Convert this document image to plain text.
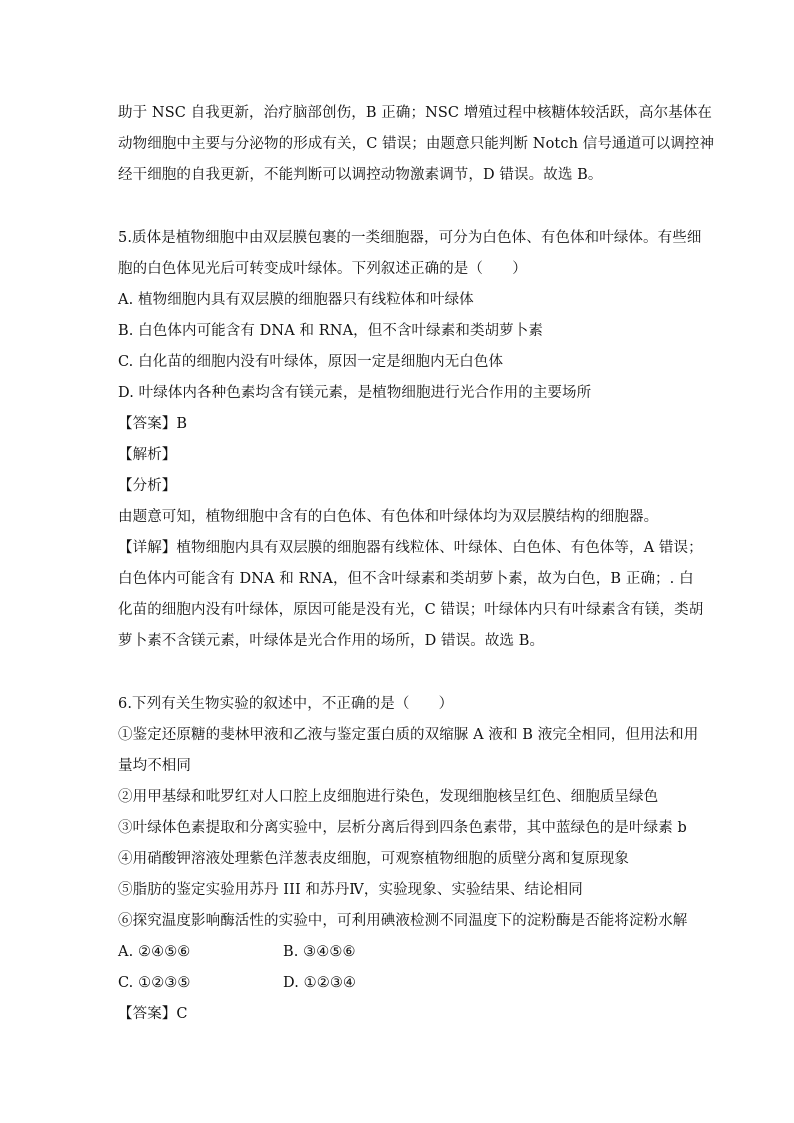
助于 NSC 自我更新，治疗脑部创伤，B 正确；NSC 增殖过程中核糖体较活跃，高尔基体在
动物细胞中主要与分泌物的形成有关，C 错误；由题意只能判断 Notch 信号通道可以调控神
经干细胞的自我更新，不能判断可以调控动物激素调节，D 错误。故选 B。
5.质体是植物细胞中由双层膜包裹的一类细胞器，可分为白色体、有色体和叶绿体。有些细
胞的白色体见光后可转变成叶绿体。下列叙述正确的是（　　）
A. 植物细胞内具有双层膜的细胞器只有线粒体和叶绿体
B. 白色体内可能含有 DNA 和 RNA，但不含叶绿素和类胡萝卜素
C. 白化苗的细胞内没有叶绿体，原因一定是细胞内无白色体
D. 叶绿体内各种色素均含有镁元素，是植物细胞进行光合作用的主要场所
【答案】B
【解析】
【分析】
由题意可知，植物细胞中含有的白色体、有色体和叶绿体均为双层膜结构的细胞器。
【详解】植物细胞内具有双层膜的细胞器有线粒体、叶绿体、白色体、有色体等，A 错误；
白色体内可能含有 DNA 和 RNA，但不含叶绿素和类胡萝卜素，故为白色，B 正确；. 白
化苗的细胞内没有叶绿体，原因可能是没有光，C 错误；叶绿体内只有叶绿素含有镁，类胡
萝卜素不含镁元素，叶绿体是光合作用的场所，D 错误。故选 B。
6.下列有关生物实验的叙述中，不正确的是（　　）
①鉴定还原糖的斐林甲液和乙液与鉴定蛋白质的双缩脲 A 液和 B 液完全相同，但用法和用
量均不相同
②用甲基绿和吡罗红对人口腔上皮细胞进行染色，发现细胞核呈红色、细胞质呈绿色
③叶绿体色素提取和分离实验中，层析分离后得到四条色素带，其中蓝绿色的是叶绿素 b
④用硝酸钾溶液处理紫色洋葱表皮细胞，可观察植物细胞的质壁分离和复原现象
⑤脂肪的鉴定实验用苏丹 III 和苏丹Ⅳ，实验现象、实验结果、结论相同
⑥探究温度影响酶活性的实验中，可利用碘液检测不同温度下的淀粉酶是否能将淀粉水解
A. ②④⑤⑥	B. ③④⑤⑥
C. ①②③⑤	D. ①②③④
【答案】C
